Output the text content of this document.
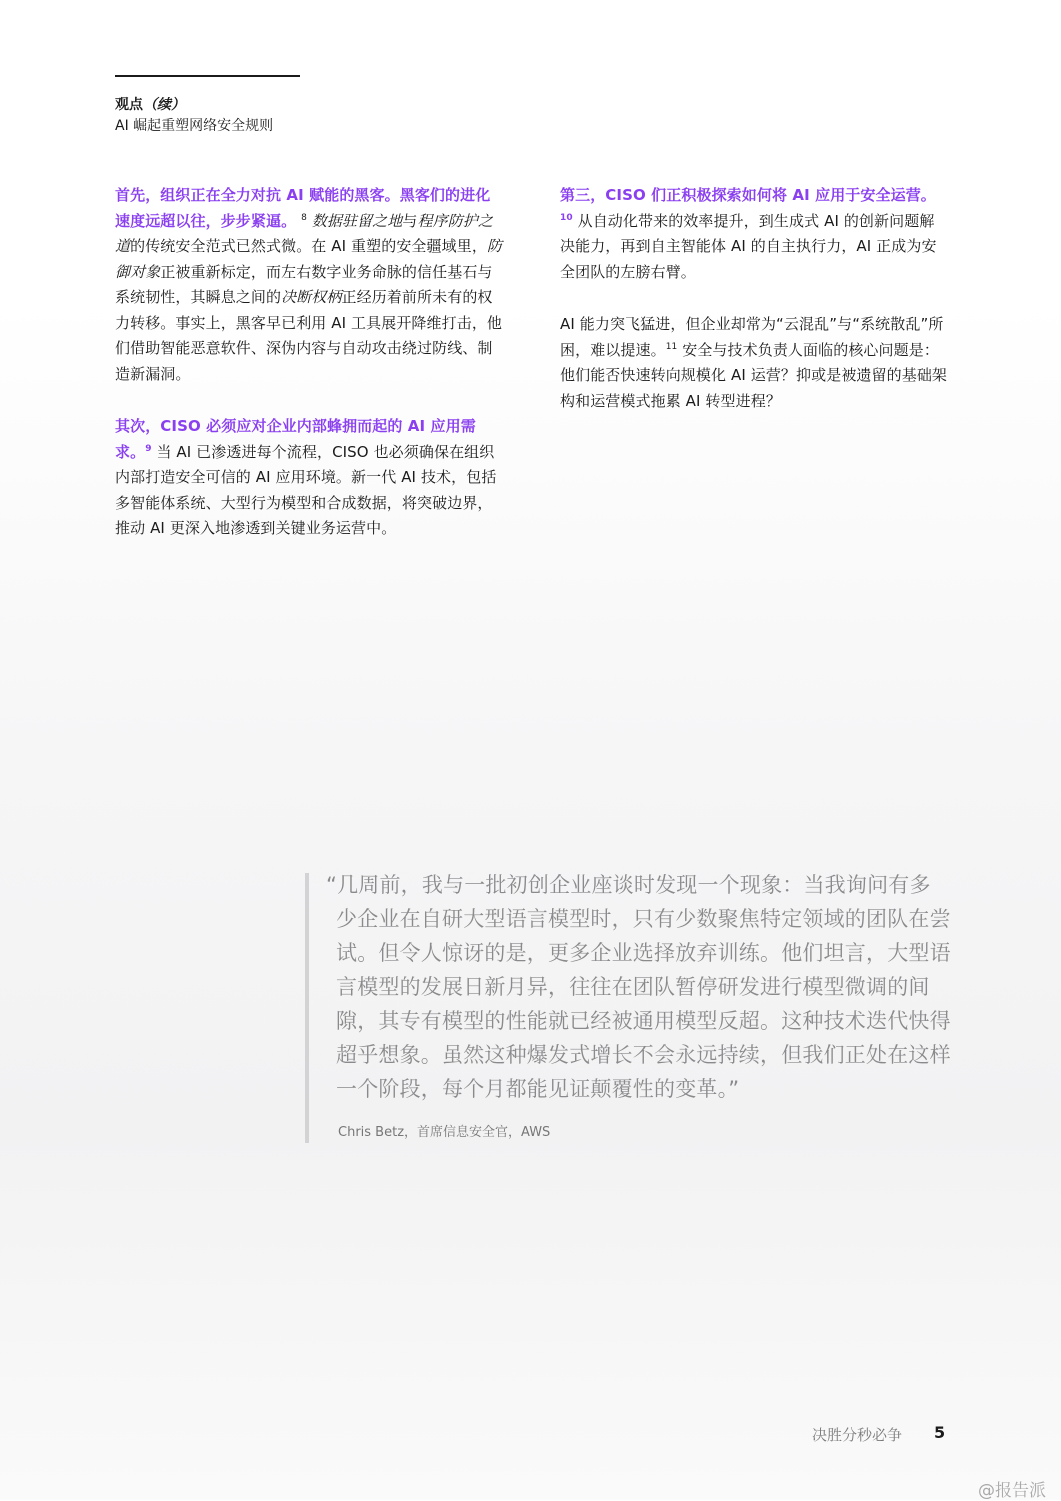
观点（续）
AI 崛起重塑网络安全规则

首先，组织正在全力对抗 AI 赋能的黑客。黑客们的进化速度远超以往，步步紧逼。 $^8$ 数据驻留之地与程序防护之道的传统安全范式已然式微。在 AI 重塑的安全疆域里，防御对象正被重新标定，而左右数字业务命脉的信任基石与系统韧性，其瞬息之间的决断权柄正经历着前所未有的权力转移。事实上，黑客早已利用 AI 工具展开降维打击，他们借助智能恶意软件、深伪内容与自动攻击绕过防线、制造新漏洞。

其次，CISO 必须应对企业内部蜂拥而起的 AI 应用需求。$^9$ 当 AI 已渗透进每个流程，CISO 也必须确保在组织内部打造安全可信的 AI 应用环境。新一代 AI 技术，包括多智能体系统、大型行为模型和合成数据，将突破边界，推动 AI 更深入地渗透到关键业务运营中。

第三，CISO 们正积极探索如何将 AI 应用于安全运营。$^{10}$ 从自动化带来的效率提升，到生成式 AI 的创新问题解决能力，再到自主智能体 AI 的自主执行力，AI 正成为安全团队的左膀右臂。

AI 能力突飞猛进，但企业却常为“云混乱”与“系统散乱”所困，难以提速。$^{11}$ 安全与技术负责人面临的核心问题是：他们能否快速转向规模化 AI 运营？抑或是被遗留的基础架构和运营模式拖累 AI 转型进程？

“几周前，我与一批初创企业座谈时发现一个现象：当我询问有多少企业在自研大型语言模型时，只有少数聚焦特定领域的团队在尝试。但令人惊讶的是，更多企业选择放弃训练。他们坦言，大型语言模型的发展日新月异，往往在团队暂停研发进行模型微调的间隙，其专有模型的性能就已经被通用模型反超。这种技术迭代快得超乎想象。虽然这种爆发式增长不会永远持续，但我们正处在这样一个阶段，每个月都能见证颠覆性的变革。”
Chris Betz，首席信息安全官，AWS
决胜分秒必争 5
@报告派
